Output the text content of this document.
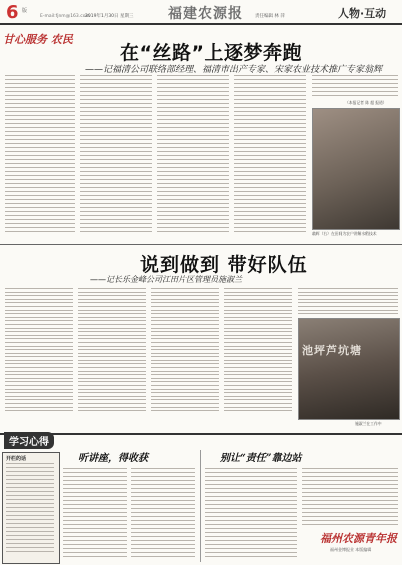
6 版
E-mail:fjnm@163.com
2019年1月30日 星期三 福建农源报	责任编辑 林 萍	人物·互动
甘心服务 农民
在“丝路”上逐梦奔跑
——记福清公司联络部经理、福清市出产专家、宋家农业技术推广专家翁辉
（本报记者 陈 超 报道）
翁辉（右）在田间为农户讲解水稻技术
说到做到 带好队伍
——记长乐金峰公司江田片区管理员施淑兰
池坪芦坑塘
施淑兰在工作中
学习心得
开栏的话	听讲座，得收获	别让“责任”靠边站
福州农源青年报
福州金博报业 本版编辑
